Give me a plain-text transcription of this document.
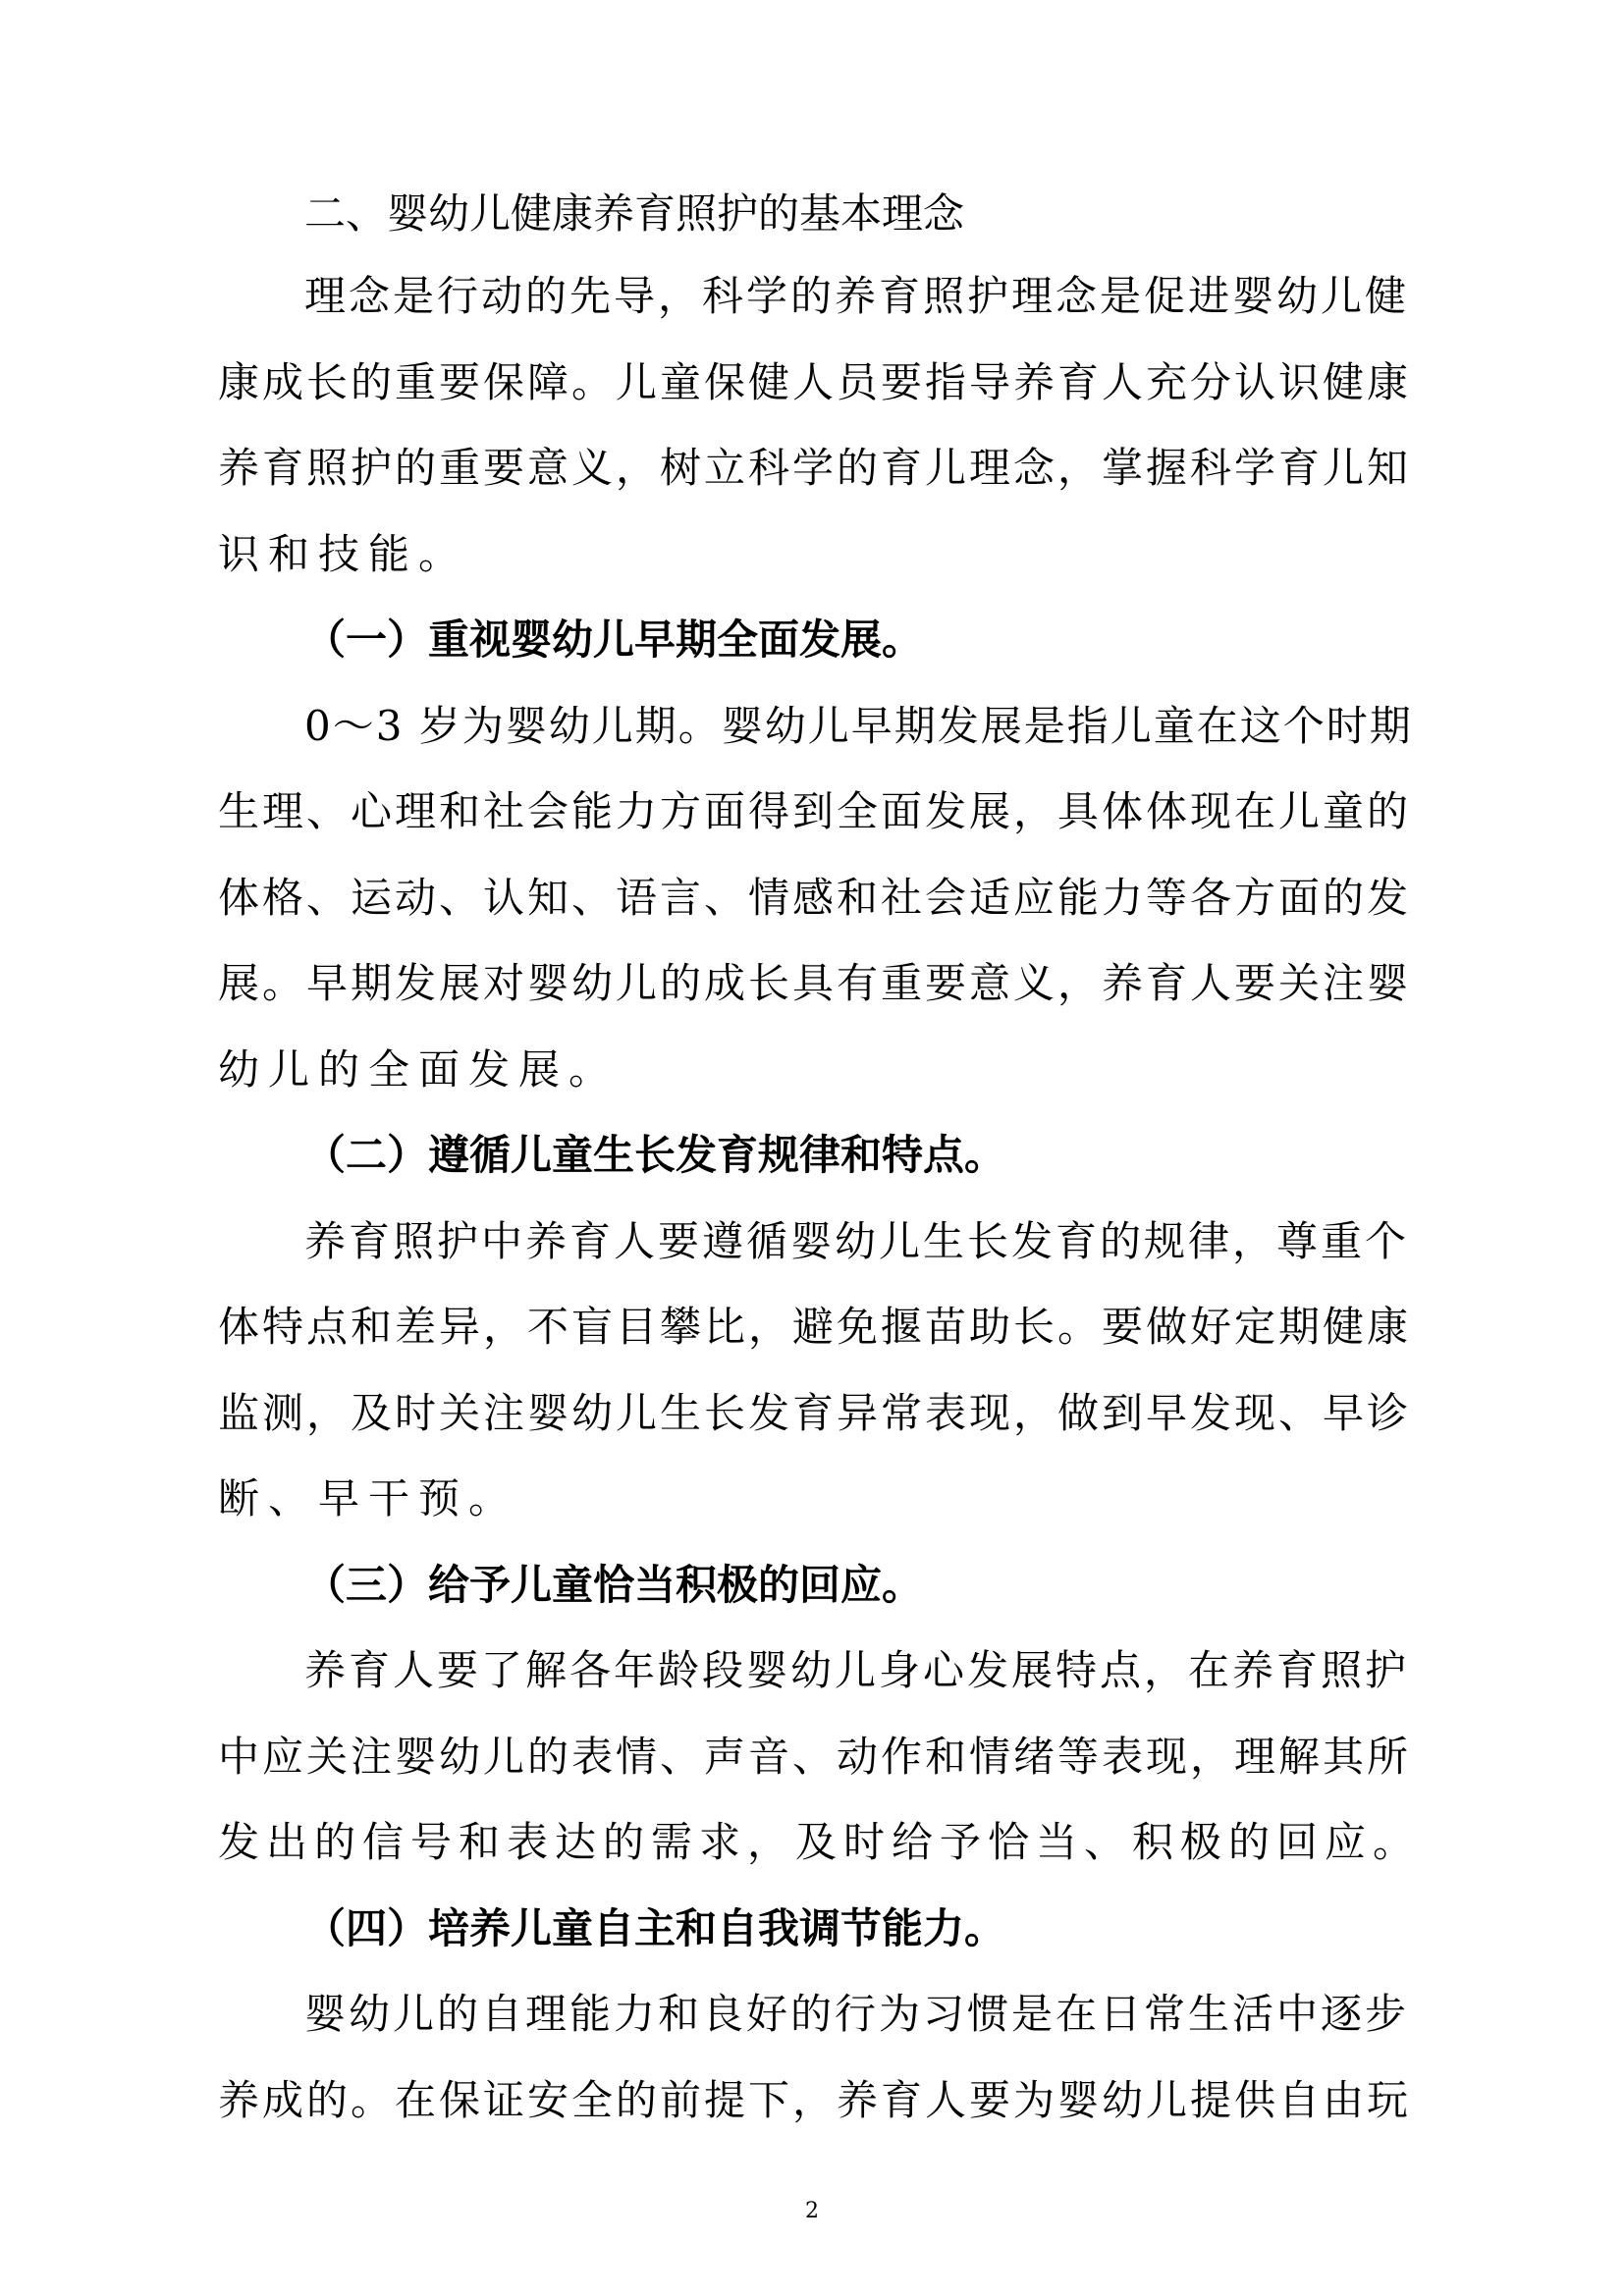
二、婴幼儿健康养育照护的基本理念
理念是行动的先导，科学的养育照护理念是促进婴幼儿健
康成长的重要保障。儿童保健人员要指导养育人充分认识健康
养育照护的重要意义，树立科学的育儿理念，掌握科学育儿知
识和技能。
（一）重视婴幼儿早期全面发展。
0～3 岁为婴幼儿期。婴幼儿早期发展是指儿童在这个时期
生理、心理和社会能力方面得到全面发展，具体体现在儿童的
体格、运动、认知、语言、情感和社会适应能力等各方面的发
展。早期发展对婴幼儿的成长具有重要意义，养育人要关注婴
幼儿的全面发展。
（二）遵循儿童生长发育规律和特点。
养育照护中养育人要遵循婴幼儿生长发育的规律，尊重个
体特点和差异，不盲目攀比，避免揠苗助长。要做好定期健康
监测，及时关注婴幼儿生长发育异常表现，做到早发现、早诊
断、早干预。
（三）给予儿童恰当积极的回应。
养育人要了解各年龄段婴幼儿身心发展特点，在养育照护
中应关注婴幼儿的表情、声音、动作和情绪等表现，理解其所
发出的信号和表达的需求，及时给予恰当、积极的回应。
（四）培养儿童自主和自我调节能力。
婴幼儿的自理能力和良好的行为习惯是在日常生活中逐步
养成的。在保证安全的前提下，养育人要为婴幼儿提供自由玩
2
